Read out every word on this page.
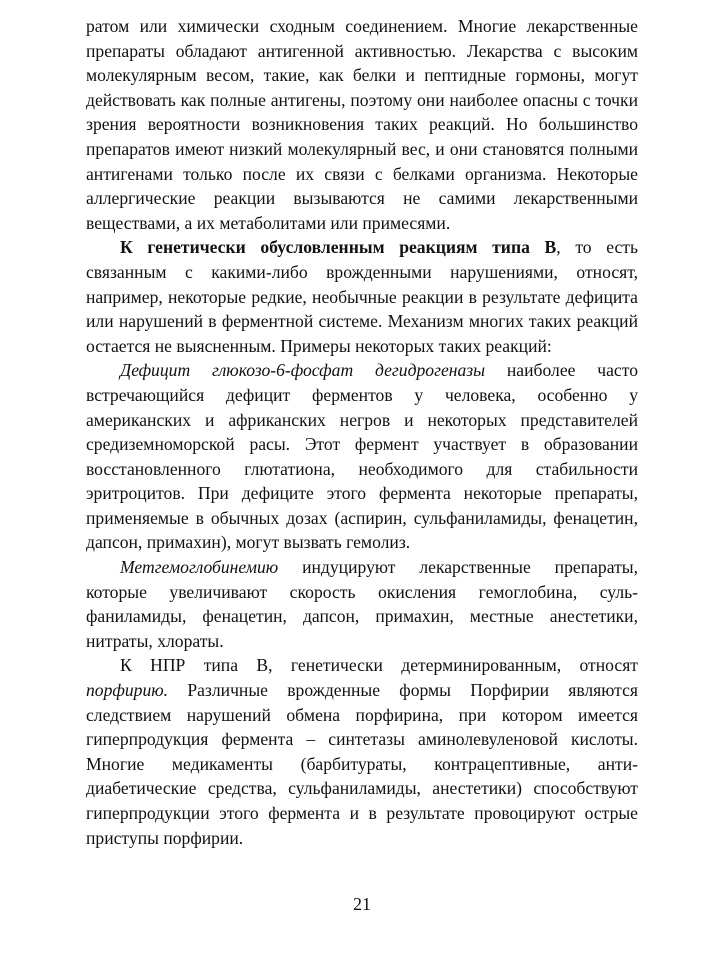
ратом или химически сходным соединением. Многие лекарственные препараты обладают антигенной активностью. Лекарства с высоким молекулярным весом, такие, как белки и пептидные гормоны, могут действовать как полные антигены, поэтому они наиболее опасны с точки зрения вероятности возникновения таких реакций. Но большинство препаратов имеют низкий молекулярный вес, и они становятся полными антигенами только после их связи с белками организма. Некоторые аллергические реакции вызываются не самими лекарственными веществами, а их метаболитами или примесями.

К генетически обусловленным реакциям типа В, то есть связанным с какими-либо врожденными нарушениями, относят, например, некоторые редкие, необычные реакции в результате дефицита или нарушений в ферментной системе. Механизм многих таких реакций остается не выясненным. Примеры некоторых таких реакций:

Дефицит глюкозо-6-фосфат дегидрогеназы наиболее часто встречающийся дефицит ферментов у человека, особенно у американских и африканских негров и некоторых представителей средиземноморской расы. Этот фермент участвует в образовании восстановленного глютатиона, необходимого для стабильности эритроцитов. При дефиците этого фермента некоторые препараты, применяемые в обычных дозах (аспирин, сульфаниламиды, фенацетин, дапсон, примахин), могут вызвать гемолиз.

Метгемоглобинемию индуцируют лекарственные препараты, которые увеличивают скорость окисления гемоглобина, сульфаниламиды, фенацетин, дапсон, примахин, местные анестетики, нитраты, хлораты.

К НПР типа В, генетически детерминированным, относят порфирию. Различные врожденные формы Порфирии являются следствием нарушений обмена порфирина, при котором имеется гиперпродукция фермента – синтетазы аминолевуленовой кислоты. Многие медикаменты (барбитураты, контрацептивные, антидиабетические средства, сульфаниламиды, анестетики) способствуют гиперпродукции этого фермента и в результате провоцируют острые приступы порфирии.

21
